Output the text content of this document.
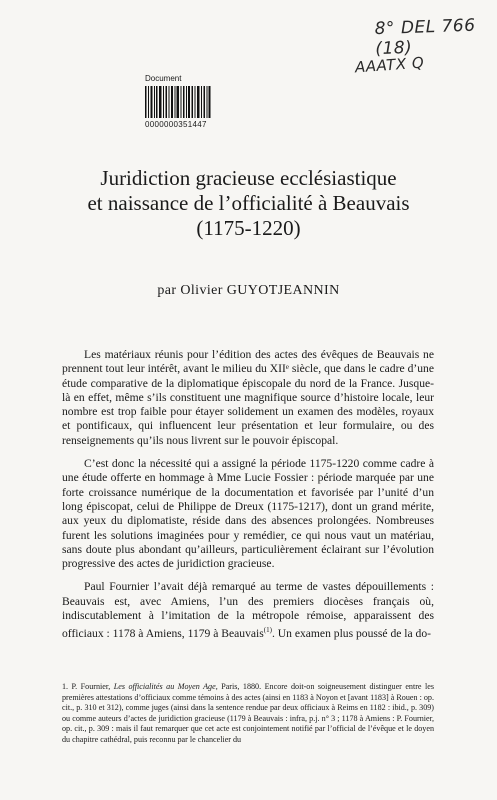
8° DEL 766 (18)
AAATX Q
Document
0000000351447
Juridiction gracieuse ecclésiastique
et naissance de l’officialité à Beauvais
(1175-1220)
par Olivier GUYOTJEANNIN

Les matériaux réunis pour l’édition des actes des évêques de Beauvais ne prennent tout leur intérêt, avant le milieu du XIIᵉ siècle, que dans le cadre d’une étude comparative de la diplomatique épiscopale du nord de la France. Jusque-là en effet, même s’ils constituent une magnifique source d’histoire locale, leur nombre est trop faible pour étayer solidement un examen des modèles, royaux et pontificaux, qui influencent leur présentation et leur formulaire, ou des renseignements qu’ils nous livrent sur le pouvoir épiscopal.

C’est donc la nécessité qui a assigné la période 1175-1220 comme cadre à une étude offerte en hommage à Mme Lucie Fossier : période marquée par une forte croissance numérique de la documentation et favorisée par l’unité d’un long épiscopat, celui de Philippe de Dreux (1175-1217), dont un grand mérite, aux yeux du diplomatiste, réside dans des absences prolongées. Nombreuses furent les solutions imaginées pour y remédier, ce qui nous vaut un matériau, sans doute plus abondant qu’ailleurs, particulièrement éclairant sur l’évolution progressive des actes de juridiction gracieuse.

Paul Fournier l’avait déjà remarqué au terme de vastes dépouillements : Beauvais est, avec Amiens, l’un des premiers diocèses français où, indiscutablement à l’imitation de la métropole rémoise, apparaissent des officiaux : 1178 à Amiens, 1179 à Beauvais$^{(1)}$. Un examen plus poussé de la do-

1. P. Fournier, Les officialités au Moyen Age, Paris, 1880. Encore doit-on soigneusement distinguer entre les premières attestations d’officiaux comme témoins à des actes (ainsi en 1183 à Noyon et [avant 1183] à Rouen : op. cit., p. 310 et 312), comme juges (ainsi dans la sentence rendue par deux officiaux à Reims en 1182 : ibid., p. 309) ou comme auteurs d’actes de juridiction gracieuse (1179 à Beauvais : infra, p.j. n° 3 ; 1178 à Amiens : P. Fournier, op. cit., p. 309 : mais il faut remarquer que cet acte est conjointement notifié par l’official de l’évêque et le doyen du chapitre cathédral, puis reconnu par le chancelier du
